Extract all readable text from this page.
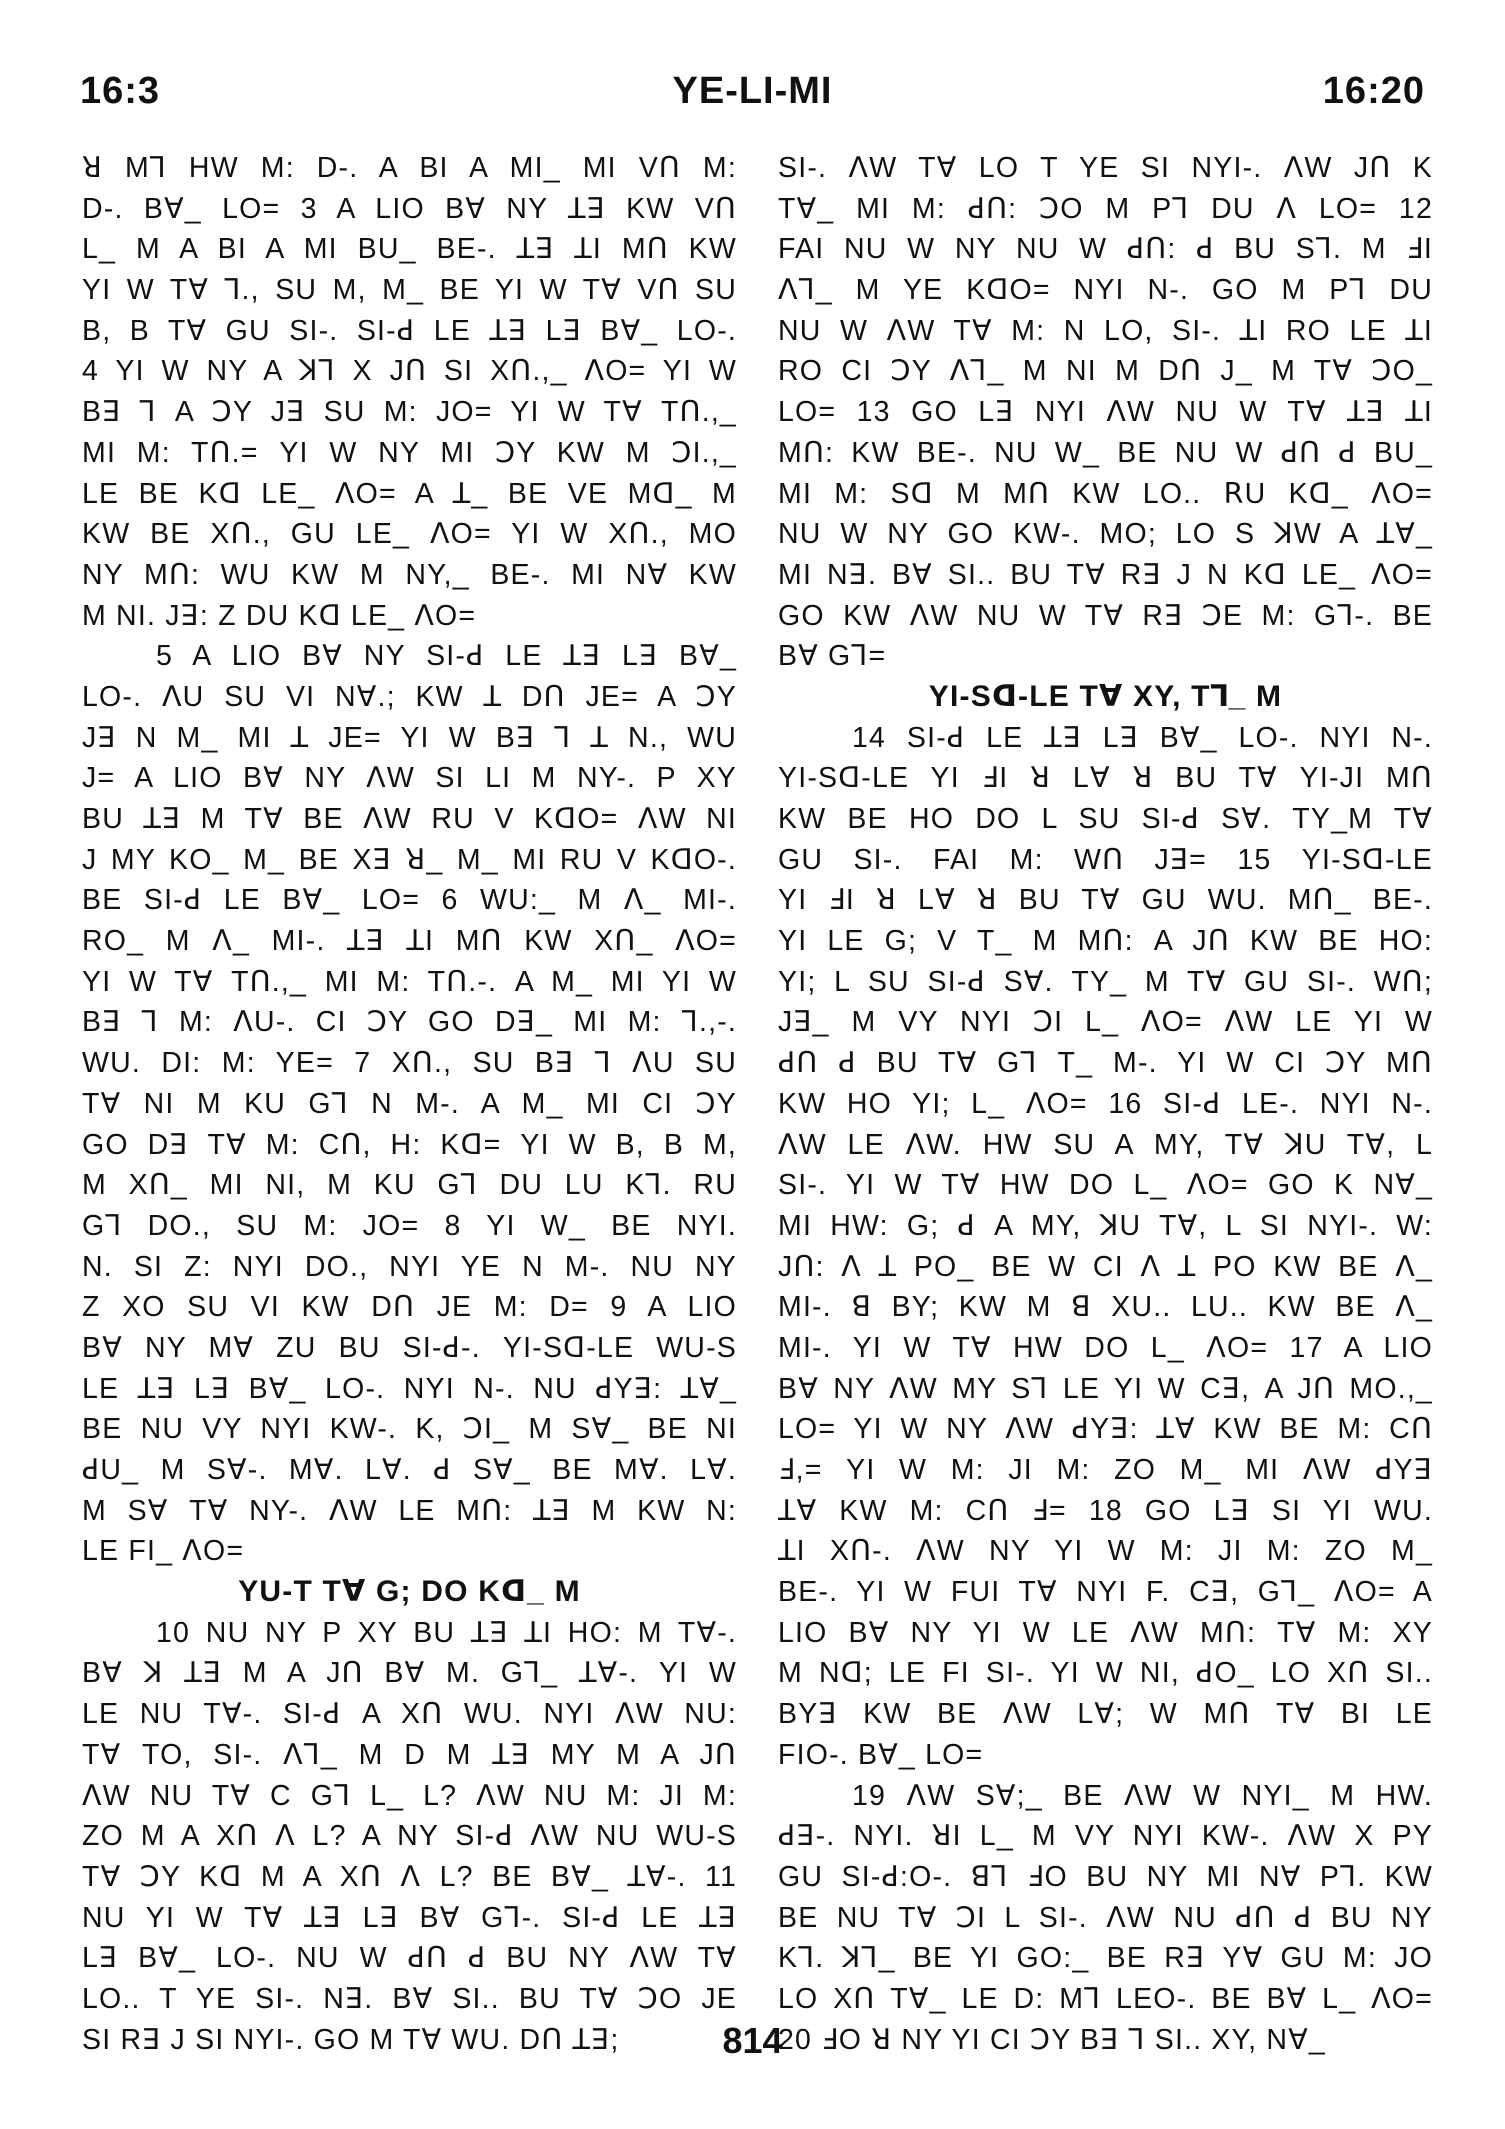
16:3	YE-LI-MI	16:20
ꓤ Mꓶ HW M: D-. A BI A MI_ MI Vꓵ M:
D-. Bꓯ_ LO= 3 A LIO Bꓯ NY ꓕꓱ KW Vꓵ
L_ M A BI A MI BU_ BE-. ꓕꓱ ꓕI Mꓵ KW
YI W Tꓯ ꓶ., SU M, M_ BE YI W Tꓯ Vꓵ SU
B, B Tꓯ GU SI-. SI-ꓒ LE ꓕꓱ Lꓱ Bꓯ_ LO-.
4 YI W NY A ꓘꓶ X Jꓵ SI Xꓵ.,_ ꓥO= YI W
Bꓱ ꓶ A ꓛY Jꓱ SU M: JO= YI W Tꓯ Tꓵ.,_
MI M: Tꓵ.= YI W NY MI ꓛY KW M ꓛI.,_
LE BE Kꓷ LE_ ꓥO= A ꓕ_ BE VE Mꓷ_ M
KW BE Xꓵ., GU LE_ ꓥO= YI W Xꓵ., MO
NY Mꓵ: WU KW M NY,_ BE-. MI Nꓯ KW
M NI. Jꓱ: Z DU Kꓷ LE_ ꓥO=
5 A LIO Bꓯ NY SI-ꓒ LE ꓕꓱ Lꓱ Bꓯ_
LO-. ꓥU SU VI Nꓯ.; KW ꓕ Dꓵ JE= A ꓛY
Jꓱ N M_ MI ꓕ JE= YI W Bꓱ ꓶ ꓕ N., WU
J= A LIO Bꓯ NY ꓥW SI LI M NY-. P XY
BU ꓕꓱ M Tꓯ BE ꓥW RU V KꓷO= ꓥW NI
J MY KO_ M_ BE Xꓱ ꓤ_ M_ MI RU V KꓷO-.
BE SI-ꓒ LE Bꓯ_ LO= 6 WU:_ M ꓥ_ MI-.
RO_ M ꓥ_ MI-. ꓕꓱ ꓕI Mꓵ KW Xꓵ_ ꓥO=
YI W Tꓯ Tꓵ.,_ MI M: Tꓵ.-. A M_ MI YI W
Bꓱ ꓶ M: ꓥU-. CI ꓛY GO Dꓱ_ MI M: ꓶ.,-.
WU. DI: M: YE= 7 Xꓵ., SU Bꓱ ꓶ ꓥU SU
Tꓯ NI M KU Gꓶ N M-. A M_ MI CI ꓛY
GO Dꓱ Tꓯ M: Cꓵ, H: Kꓷ= YI W B, B M,
M Xꓵ_ MI NI, M KU Gꓶ DU LU Kꓶ. RU
Gꓶ DO., SU M: JO= 8 YI W_ BE NYI.
N. SI Z: NYI DO., NYI YE N M-. NU NY
Z XO SU VI KW Dꓵ JE M: D= 9 A LIO
Bꓯ NY Mꓯ ZU BU SI-ꓒ-. YI-Sꓷ-LE WU-S
LE ꓕꓱ Lꓱ Bꓯ_ LO-. NYI N-. NU ꓒYꓱ: ꓕꓯ_
BE NU VY NYI KW-. K, ꓛI_ M Sꓯ_ BE NI
ꓒU_ M Sꓯ-. Mꓯ. Lꓯ. ꓒ Sꓯ_ BE Mꓯ. Lꓯ.
M Sꓯ Tꓯ NY-. ꓥW LE Mꓵ: ꓕꓱ M KW N:
LE FI_ ꓥO=
YU-T Tꓯ G; DO Kꓷ_ M
10 NU NY P XY BU ꓕꓱ ꓕI HO: M Tꓯ-.
Bꓯ ꓘ ꓕꓱ M A Jꓵ Bꓯ M. Gꓶ_ ꓕꓯ-. YI W
LE NU Tꓯ-. SI-ꓒ A Xꓵ WU. NYI ꓥW NU:
Tꓯ TO, SI-. ꓥꓶ_ M D M ꓕꓱ MY M A Jꓵ
ꓥW NU Tꓯ C Gꓶ L_ L? ꓥW NU M: JI M:
ZO M A Xꓵ ꓥ L? A NY SI-ꓒ ꓥW NU WU-S
Tꓯ ꓛY Kꓷ M A Xꓵ ꓥ L? BE Bꓯ_ ꓕꓯ-. 11
NU YI W Tꓯ ꓕꓱ Lꓱ Bꓯ Gꓶ-. SI-ꓒ LE ꓕꓱ
Lꓱ Bꓯ_ LO-. NU W ꓒꓵ ꓒ BU NY ꓥW Tꓯ
LO.. T YE SI-. Nꓱ. Bꓯ SI.. BU Tꓯ ꓛO JE
SI Rꓱ J SI NYI-. GO M Tꓯ WU. Dꓵ ꓕꓱ;
SI-. ꓥW Tꓯ LO T YE SI NYI-. ꓥW Jꓵ K
Tꓯ_ MI M: ꓒꓵ: ꓛO M Pꓶ DU ꓥ LO= 12
FAI NU W NY NU W ꓒꓵ: ꓒ BU Sꓶ. M ꓞI
ꓥꓶ_ M YE KꓷO= NYI N-. GO M Pꓶ DU
NU W ꓥW Tꓯ M: N LO, SI-. ꓕI RO LE ꓕI
RO CI ꓛY ꓥꓶ_ M NI M Dꓵ J_ M Tꓯ ꓛO_
LO= 13 GO Lꓱ NYI ꓥW NU W Tꓯ ꓕꓱ ꓕI
Mꓵ: KW BE-. NU W_ BE NU W ꓒꓵ ꓒ BU_
MI M: Sꓷ M Mꓵ KW LO.. ꓣU Kꓷ_ ꓥO=
NU W NY GO KW-. MO; LO S ꓘW A ꓕꓯ_
MI Nꓱ. Bꓯ SI.. BU Tꓯ Rꓱ J N Kꓷ LE_ ꓥO=
GO KW ꓥW NU W Tꓯ Rꓱ ꓛE M: Gꓶ-. BE
Bꓯ Gꓶ=
YI-Sꓷ-LE Tꓯ XY, Tꓶ_ M
14 SI-ꓒ LE ꓕꓱ Lꓱ Bꓯ_ LO-. NYI N-.
YI-Sꓷ-LE YI ꓞI ꓤ Lꓯ ꓤ BU Tꓯ YI-JI Mꓵ
KW BE HO DO L SU SI-ꓒ Sꓯ. TY_M Tꓯ
GU SI-. FAI M: Wꓵ Jꓱ= 15 YI-Sꓷ-LE
YI ꓞI ꓤ Lꓯ ꓤ BU Tꓯ GU WU. Mꓵ_ BE-.
YI LE G; V T_ M Mꓵ: A Jꓵ KW BE HO:
YI; L SU SI-ꓒ Sꓯ. TY_ M Tꓯ GU SI-. Wꓵ;
Jꓱ_ M VY NYI ꓛI L_ ꓥO= ꓥW LE YI W
ꓒꓵ ꓒ BU Tꓯ Gꓶ T_ M-. YI W CI ꓛY Mꓵ
KW HO YI; L_ ꓥO= 16 SI-ꓒ LE-. NYI N-.
ꓥW LE ꓥW. HW SU A MY, Tꓯ ꓘU Tꓯ, L
SI-. YI W Tꓯ HW DO L_ ꓥO= GO K Nꓯ_
MI HW: G; ꓒ A MY, ꓘU Tꓯ, L SI NYI-. W:
Jꓵ: ꓥ ꓕ PO_ BE W CI ꓥ ꓕ PO KW BE ꓥ_
MI-. ꓭ BY; KW M ꓭ XU.. LU.. KW BE ꓥ_
MI-. YI W Tꓯ HW DO L_ ꓥO= 17 A LIO
Bꓯ NY ꓥW MY Sꓶ LE YI W Cꓱ, A Jꓵ MO.,_
LO= YI W NY ꓥW ꓒYꓱ: ꓕꓯ KW BE M: Cꓵ
ꓞ,= YI W M: JI M: ZO M_ MI ꓥW ꓒYꓱ
ꓕꓯ KW M: Cꓵ ꓞ= 18 GO Lꓱ SI YI WU.
ꓕI Xꓵ-. ꓥW NY YI W M: JI M: ZO M_
BE-. YI W FUI Tꓯ NYI F. Cꓱ, Gꓶ_ ꓥO= A
LIO Bꓯ NY YI W LE ꓥW Mꓵ: Tꓯ M: XY
M Nꓷ; LE FI SI-. YI W NI, ꓒO_ LO Xꓵ SI..
BYꓱ KW BE ꓥW Lꓯ; W Mꓵ Tꓯ BI LE
FIO-. Bꓯ_ LO=
19 ꓥW Sꓯ;_ BE ꓥW W NYI_ M HW.
ꓒꓱ-. NYI. ꓤI L_ M VY NYI KW-. ꓥW X PY
GU SI-ꓒ:O-. ꓭꓶ ꓞO BU NY MI Nꓯ Pꓶ. KW
BE NU Tꓯ ꓛI L SI-. ꓥW NU ꓒꓵ ꓒ BU NY
Kꓶ. ꓘꓶ_ BE YI GO:_ BE Rꓱ Yꓯ GU M: JO
LO Xꓵ Tꓯ_ LE D: Mꓶ LEO-. BE Bꓯ L_ ꓥO=
20 ꓞO ꓤ NY YI CI ꓛY Bꓱ ꓶ SI.. XY, Nꓯ_
814
